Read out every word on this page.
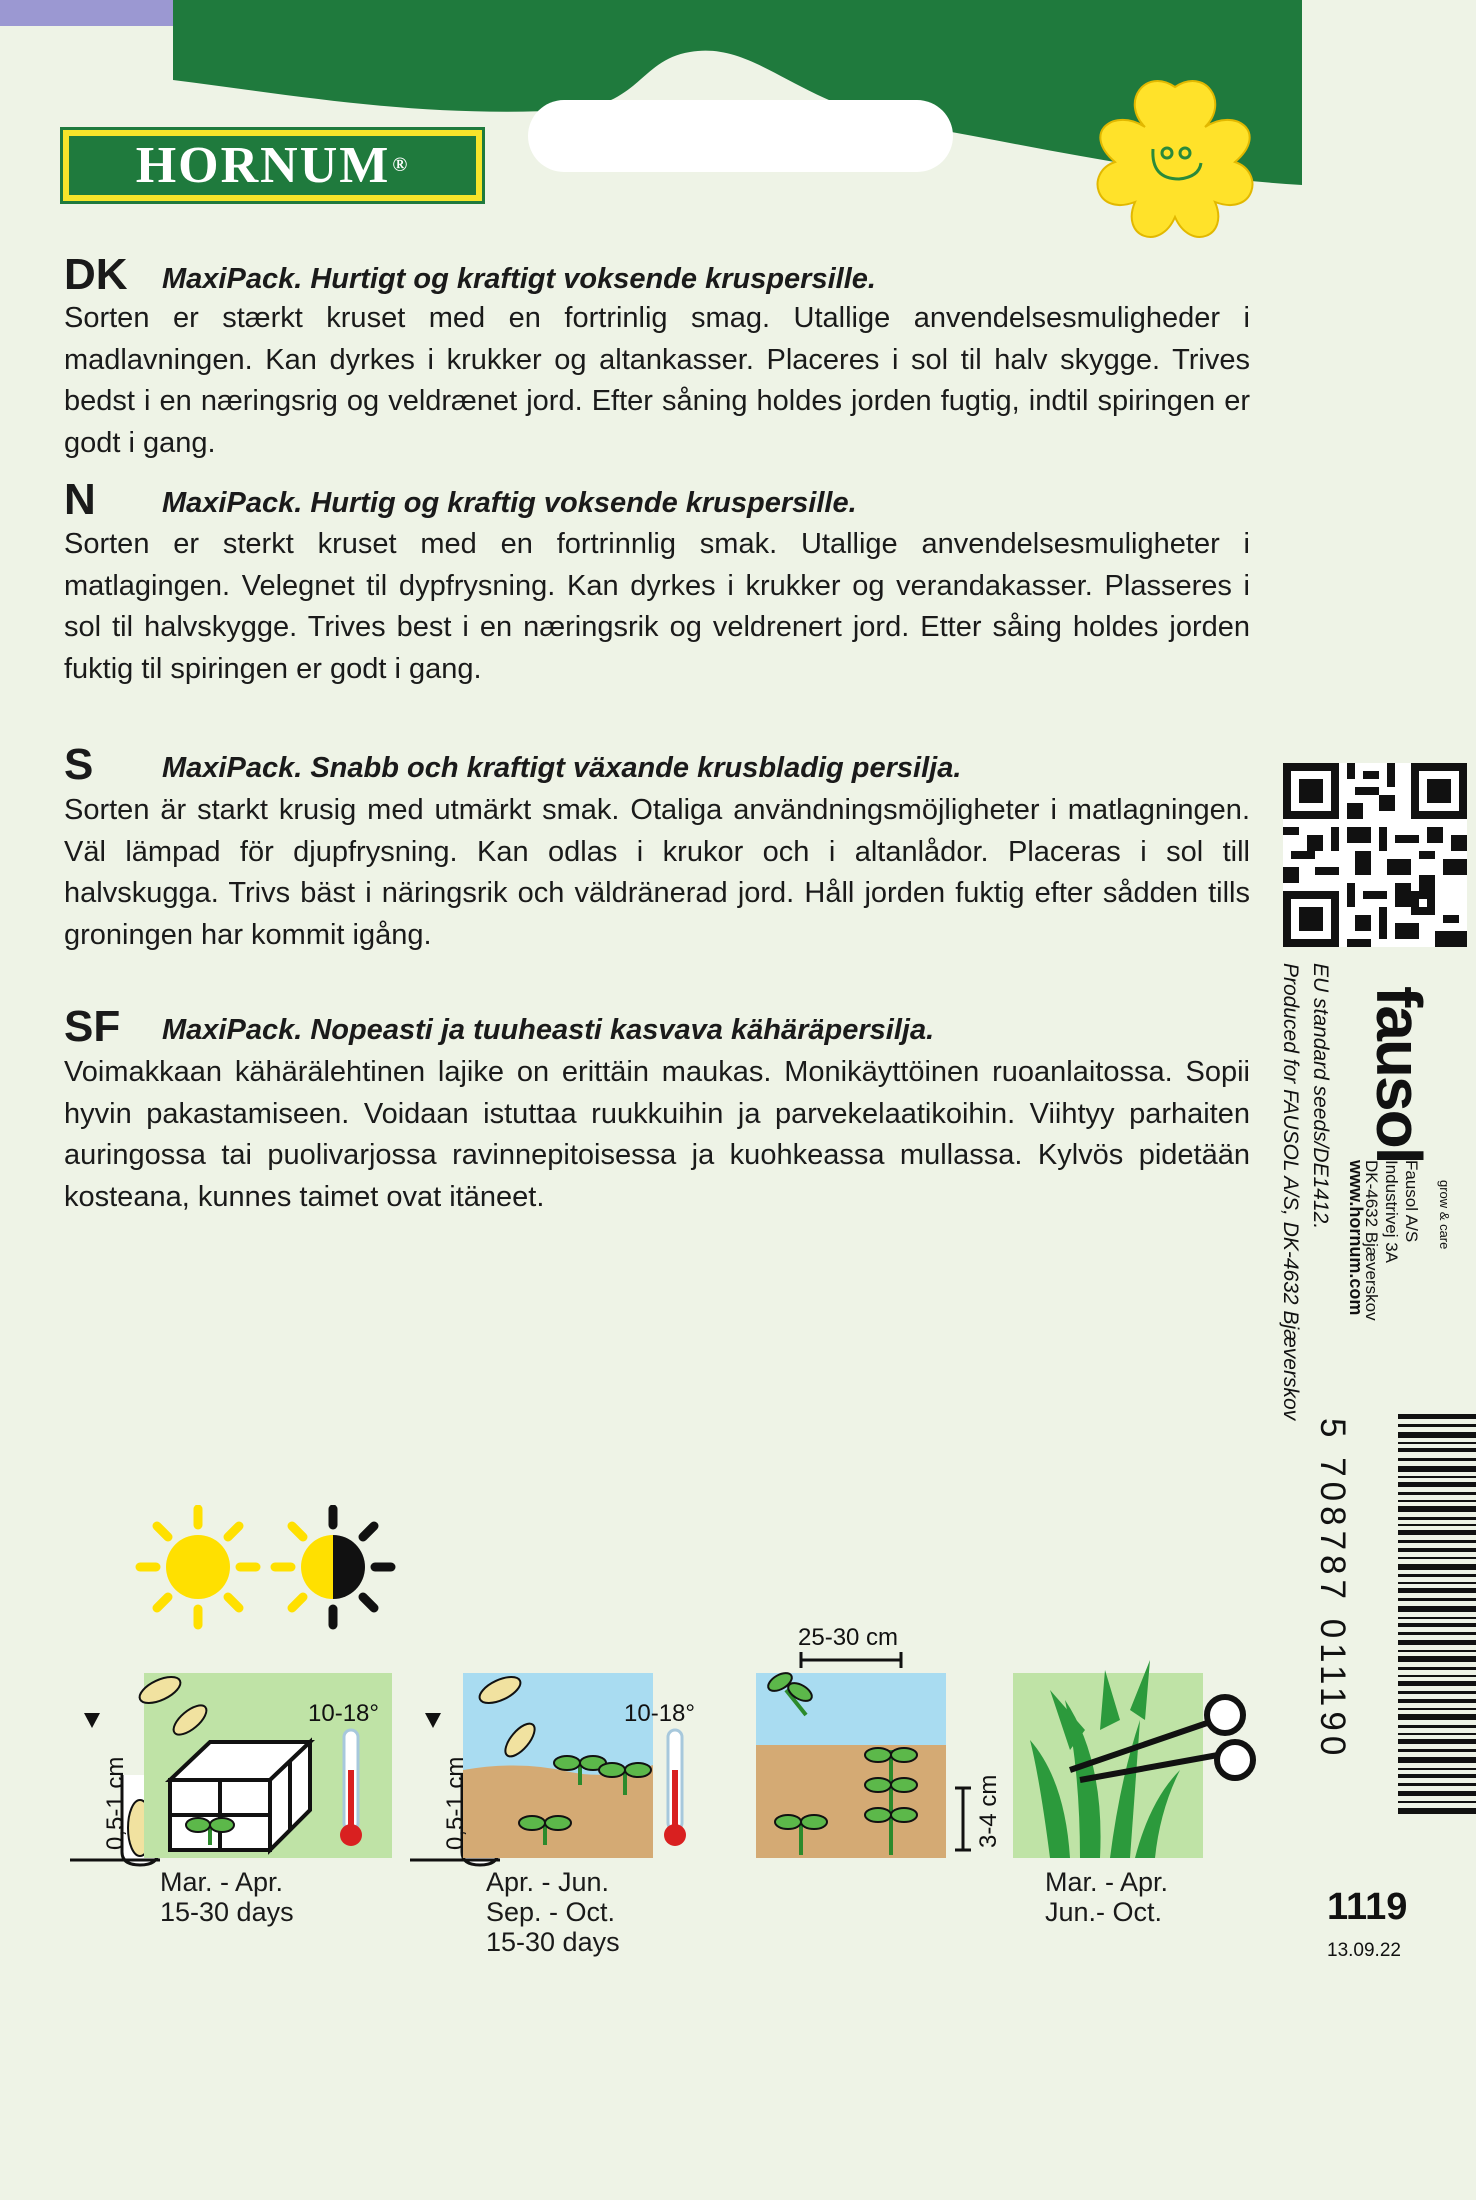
HORNUM ®
DK MaxiPack. Hurtigt og kraftigt voksende kruspersille.
Sorten er stærkt kruset med en fortrinlig smag. Utallige anvendelsesmuligheder i madlavningen. Kan dyrkes i krukker og altankasser. Placeres i sol til halv skygge. Trives bedst i en næringsrig og veldrænet jord. Efter såning holdes jorden fugtig, indtil spiringen er godt i gang.
N MaxiPack. Hurtig og kraftig voksende kruspersille.
Sorten er sterkt kruset med en fortrinnlig smak. Utallige anvendelsesmuligheter i matlagingen. Velegnet til dypfrysning. Kan dyrkes i krukker og verandakasser. Plasseres i sol til halvskygge. Trives best i en næringsrik og veldrenert jord. Etter såing holdes jorden fuktig til spiringen er godt i gang.
S MaxiPack. Snabb och kraftigt växande krusbladig persilja.
Sorten är starkt krusig med utmärkt smak. Otaliga användningsmöjligheter i matlagningen. Väl lämpad för djupfrysning. Kan odlas i krukor och i altanlådor. Placeras i sol till halvskugga. Trivs bäst i näringsrik och väldränerad jord. Håll jorden fuktig efter sådden tills groningen har kommit igång.
SF MaxiPack. Nopeasti ja tuuheasti kasvava kähäräpersilja.
Voimakkaan kähärälehtinen lajike on erittäin maukas. Monikäyttöinen ruoanlaitossa. Sopii hyvin pakastamiseen. Voidaan istuttaa ruukkuihin ja parvekelaatikoihin. Viihtyy parhaiten auringossa tai puolivarjossa ravinnepitoisessa ja kuohkeassa mullassa. Kylvös pidetään kosteana, kunnes taimet ovat itäneet.
fausol
grow & care
Fausol A/S
Industrivej 3A
DK-4632 Bjæverskov
www.hornum.com
EU standard seeds/DE1412.
Produced for FAUSOL A/S, DK-4632 Bjæverskov
5 708787 011190
1119
13.09.22
10-18°
0,5-1 cm
Mar. - Apr.
15-30 days
10-18°
0,5-1 cm
Apr. - Jun.
Sep. - Oct.
15-30 days
25-30 cm
3-4 cm
Mar. - Apr.
Jun.- Oct.
